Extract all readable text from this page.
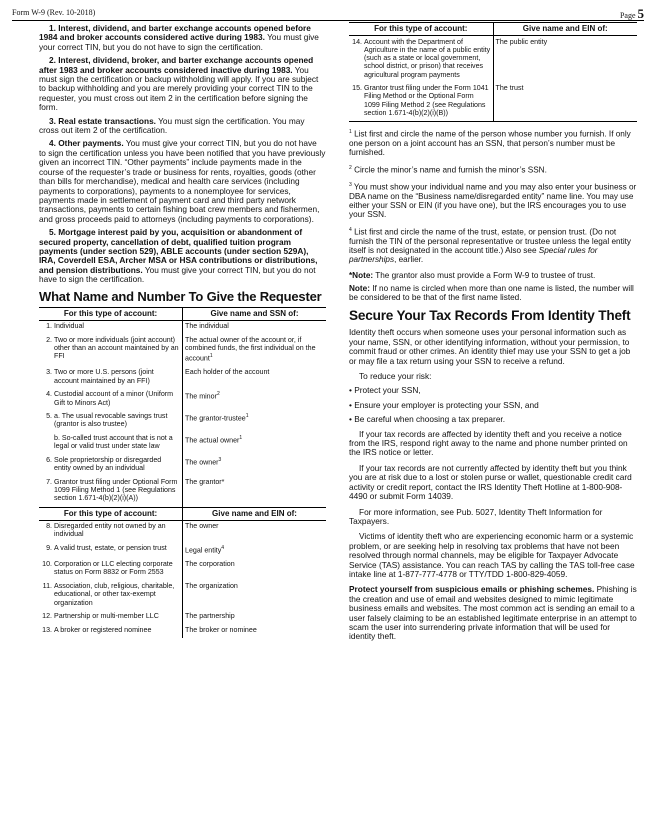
Form W-9 (Rev. 10-2018)	Page 5

1. Interest, dividend, and barter exchange accounts opened before 1984 and broker accounts considered active during 1983. You must give your correct TIN, but you do not have to sign the certification.

2. Interest, dividend, broker, and barter exchange accounts opened after 1983 and broker accounts considered inactive during 1983. You must sign the certification or backup withholding will apply. If you are subject to backup withholding and you are merely providing your correct TIN to the requester, you must cross out item 2 in the certification before signing the form.

3. Real estate transactions. You must sign the certification. You may cross out item 2 of the certification.

4. Other payments. You must give your correct TIN, but you do not have to sign the certification unless you have been notified that you have previously given an incorrect TIN. “Other payments” include payments made in the course of the requester’s trade or business for rents, royalties, goods (other than bills for merchandise), medical and health care services (including payments to corporations), payments to a nonemployee for services, payments made in settlement of payment card and third party network transactions, payments to certain fishing boat crew members and fishermen, and gross proceeds paid to attorneys (including payments to corporations).

5. Mortgage interest paid by you, acquisition or abandonment of secured property, cancellation of debt, qualified tuition program payments (under section 529), ABLE accounts (under section 529A), IRA, Coverdell ESA, Archer MSA or HSA contributions or distributions, and pension distributions. You must give your correct TIN, but you do not have to sign the certification.

What Name and Number To Give the Requester
For this type of account:	Give name and SSN of:

1. Individual	The individual

2. Two or more individuals (joint account) other than an account maintained by an FFI	The actual owner of the account or, if combined funds, the first individual on the account$^1$

3. Two or more U.S. persons (joint account maintained by an FFI)	Each holder of the account

4. Custodial account of a minor (Uniform Gift to Minors Act)	The minor$^2$

5. a. The usual revocable savings trust (grantor is also trustee)	The grantor-trustee$^1$

b. So-called trust account that is not a legal or valid trust under state law	The actual owner$^1$

6. Sole proprietorship or disregarded entity owned by an individual	The owner$^3$

7. Grantor trust filing under Optional Form 1099 Filing Method 1 (see Regulations section 1.671-4(b)(2)(i)(A))	The grantor*
For this type of account:	Give name and EIN of:

8. Disregarded entity not owned by an individual	The owner

9. A valid trust, estate, or pension trust	Legal entity$^4$

10. Corporation or LLC electing corporate status on Form 8832 or Form 2553	The corporation

11. Association, club, religious, charitable, educational, or other tax-exempt organization	The organization

12. Partnership or multi-member LLC	The partnership

13. A broker or registered nominee	The broker or nominee
For this type of account:	Give name and EIN of:

14. Account with the Department of Agriculture in the name of a public entity (such as a state or local government, school district, or prison) that receives agricultural program payments	The public entity

15. Grantor trust filing under the Form 1041 Filing Method or the Optional Form 1099 Filing Method 2 (see Regulations section 1.671-4(b)(2)(i)(B))	The trust

$^1$ List first and circle the name of the person whose number you furnish. If only one person on a joint account has an SSN, that person’s number must be furnished.

$^2$ Circle the minor’s name and furnish the minor’s SSN.

$^3$ You must show your individual name and you may also enter your business or DBA name on the “Business name/disregarded entity” name line. You may use either your SSN or EIN (if you have one), but the IRS encourages you to use your SSN.

$^4$ List first and circle the name of the trust, estate, or pension trust. (Do not furnish the TIN of the personal representative or trustee unless the legal entity itself is not designated in the account title.) Also see Special rules for partnerships, earlier.

*Note: The grantor also must provide a Form W-9 to trustee of trust.

Note: If no name is circled when more than one name is listed, the number will be considered to be that of the first name listed.

Secure Your Tax Records From Identity Theft

Identity theft occurs when someone uses your personal information such as your name, SSN, or other identifying information, without your permission, to commit fraud or other crimes. An identity thief may use your SSN to get a job or may file a tax return using your SSN to receive a refund.

To reduce your risk:

• Protect your SSN,
• Ensure your employer is protecting your SSN, and
• Be careful when choosing a tax preparer.

If your tax records are affected by identity theft and you receive a notice from the IRS, respond right away to the name and phone number printed on the IRS notice or letter.

If your tax records are not currently affected by identity theft but you think you are at risk due to a lost or stolen purse or wallet, questionable credit card activity or credit report, contact the IRS Identity Theft Hotline at 1-800-908-4490 or submit Form 14039.

For more information, see Pub. 5027, Identity Theft Information for Taxpayers.

Victims of identity theft who are experiencing economic harm or a systemic problem, or are seeking help in resolving tax problems that have not been resolved through normal channels, may be eligible for Taxpayer Advocate Service (TAS) assistance. You can reach TAS by calling the TAS toll-free case intake line at 1-877-777-4778 or TTY/TDD 1-800-829-4059.

Protect yourself from suspicious emails or phishing schemes. Phishing is the creation and use of email and websites designed to mimic legitimate business emails and websites. The most common act is sending an email to a user falsely claiming to be an established legitimate enterprise in an attempt to scam the user into surrendering private information that will be used for identity theft.
